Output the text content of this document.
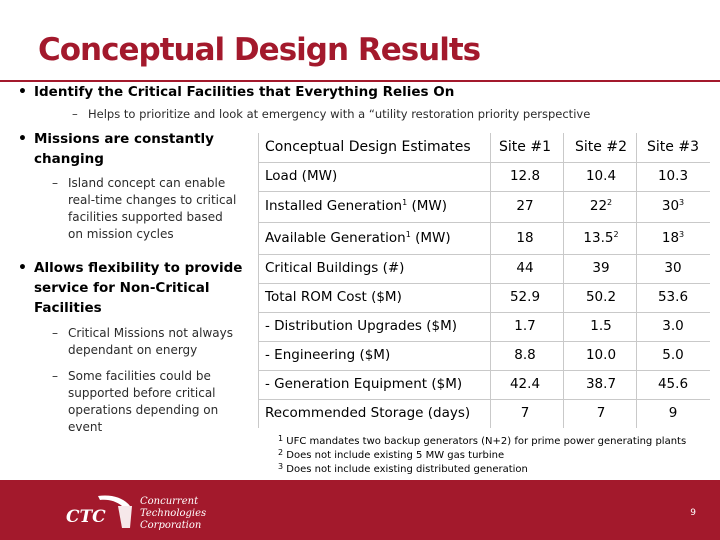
Conceptual Design Results
• Identify the Critical Facilities that Everything Relies On
– Helps to prioritize and look at emergency with a “utility restoration priority perspective
• Missions are constantly
changing
– Island concept can enable
real-time changes to critical
facilities supported based
on mission cycles
• Allows flexibility to provide
service for Non-Critical
Facilities
– Critical Missions not always
dependant on energy
– Some facilities could be
supported before critical
operations depending on
event
Conceptual Design Estimates	Site #1	Site #2	Site #3
Load (MW)	12.8	10.4	10.3
Installed Generation$^1$ (MW)	27	$22^2$	$30^3$
Available Generation$^1$ (MW)	18	13.5$^2$	$18^3$
Critical Buildings (#)	44	39	30
Total ROM Cost ($M)	52.9	50.2	53.6
- Distribution Upgrades ($M)	1.7	1.5	3.0
- Engineering ($M)	8.8	10.0	5.0
- Generation Equipment ($M)	42.4	38.7	45.6
Recommended Storage (days)	7	7	9
$^1$ UFC mandates two backup generators (N+2) for prime power generating plants
$^2$ Does not include existing 5 MW gas turbine
$^3$ Does not include existing distributed generation
CTC
Concurrent
Technologies
Corporation
9
